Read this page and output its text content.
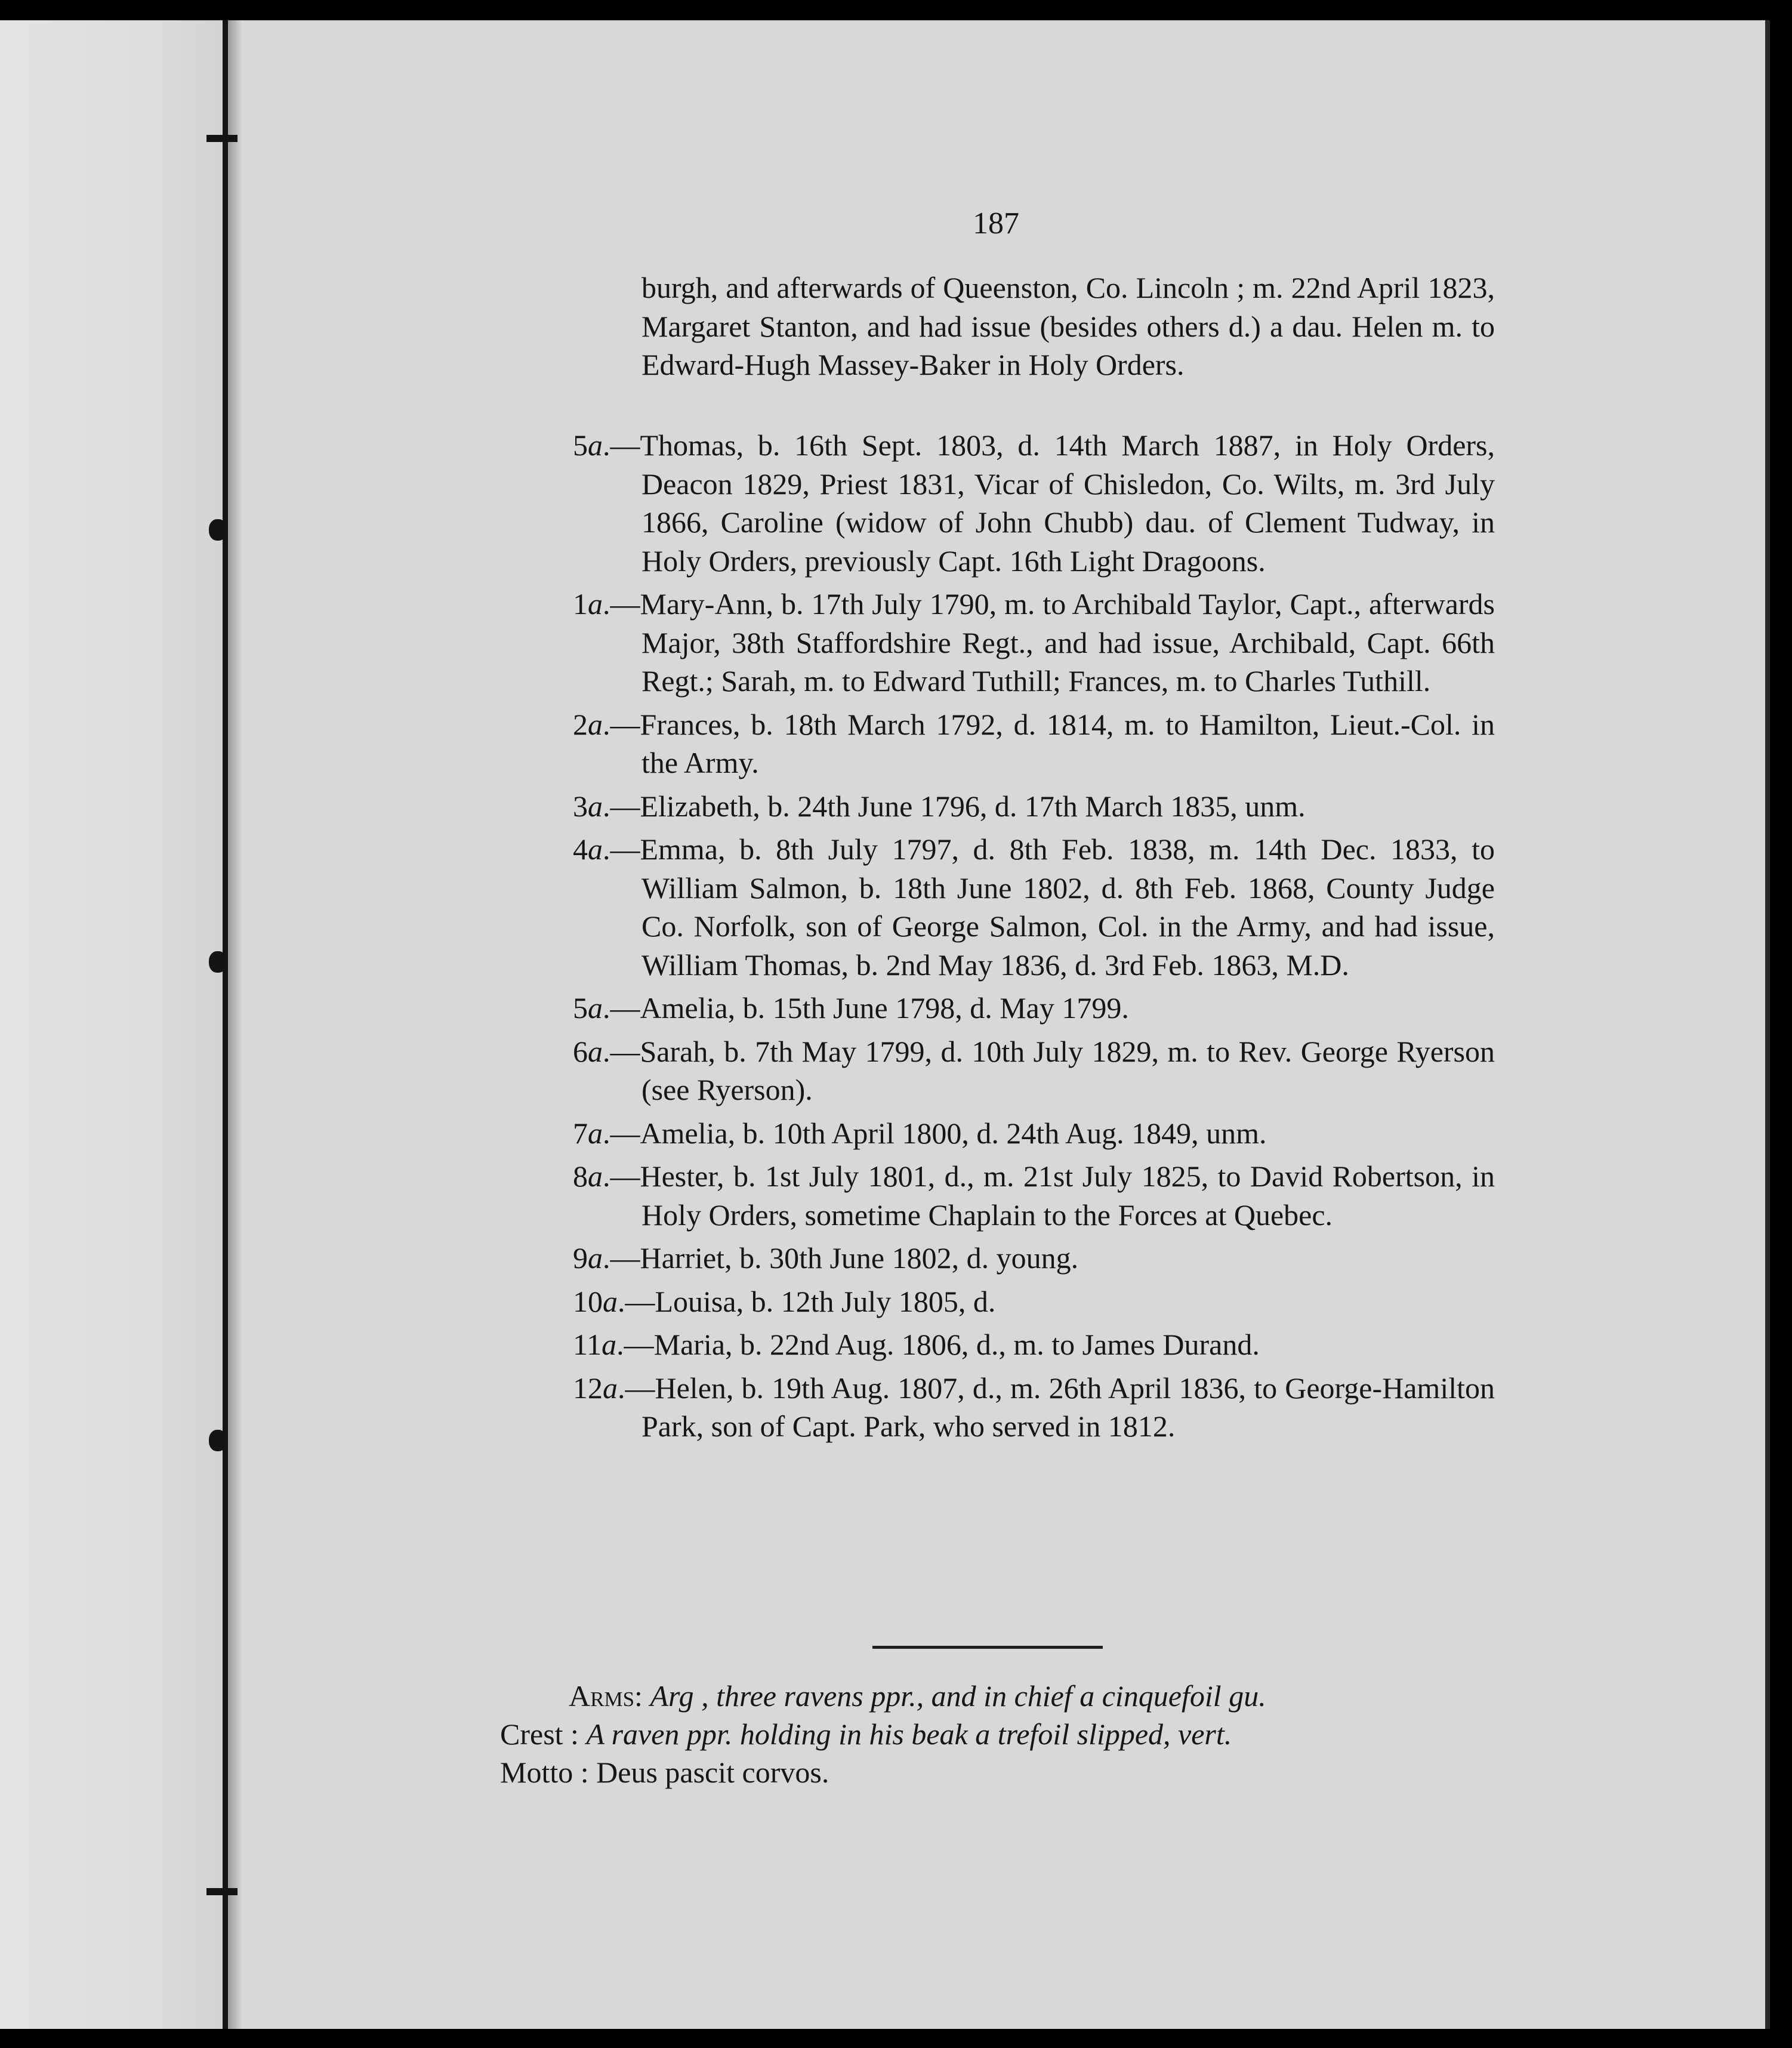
187
burgh, and afterwards of Queenston, Co. Lincoln ; m. 22nd April 1823, Margaret Stanton, and had issue (besides others d.) a dau. Helen m. to Edward-Hugh Massey-Baker in Holy Orders.
5a.—Thomas, b. 16th Sept. 1803, d. 14th March 1887, in Holy Orders, Deacon 1829, Priest 1831, Vicar of Chisledon, Co. Wilts, m. 3rd July 1866, Caroline (widow of John Chubb) dau. of Clement Tudway, in Holy Orders, previously Capt. 16th Light Dragoons.
1a.—Mary-Ann, b. 17th July 1790, m. to Archibald Taylor, Capt., afterwards Major, 38th Staffordshire Regt., and had issue, Archibald, Capt. 66th Regt.; Sarah, m. to Edward Tuthill; Frances, m. to Charles Tuthill.
2a.—Frances, b. 18th March 1792, d. 1814, m. to Hamilton, Lieut.-Col. in the Army.
3a.—Elizabeth, b. 24th June 1796, d. 17th March 1835, unm.
4a.—Emma, b. 8th July 1797, d. 8th Feb. 1838, m. 14th Dec. 1833, to William Salmon, b. 18th June 1802, d. 8th Feb. 1868, County Judge Co. Norfolk, son of George Salmon, Col. in the Army, and had issue, William Thomas, b. 2nd May 1836, d. 3rd Feb. 1863, M.D.
5a.—Amelia, b. 15th June 1798, d. May 1799.
6a.—Sarah, b. 7th May 1799, d. 10th July 1829, m. to Rev. George Ryerson (see Ryerson).
7a.—Amelia, b. 10th April 1800, d. 24th Aug. 1849, unm.
8a.—Hester, b. 1st July 1801, d., m. 21st July 1825, to David Robertson, in Holy Orders, sometime Chaplain to the Forces at Quebec.
9a.—Harriet, b. 30th June 1802, d. young.
10a.—Louisa, b. 12th July 1805, d.
11a.—Maria, b. 22nd Aug. 1806, d., m. to James Durand.
12a.—Helen, b. 19th Aug. 1807, d., m. 26th April 1836, to George-Hamilton Park, son of Capt. Park, who served in 1812.
Arms: Arg , three ravens ppr., and in chief a cinquefoil gu.
Crest : A raven ppr. holding in his beak a trefoil slipped, vert.
Motto : Deus pascit corvos.
